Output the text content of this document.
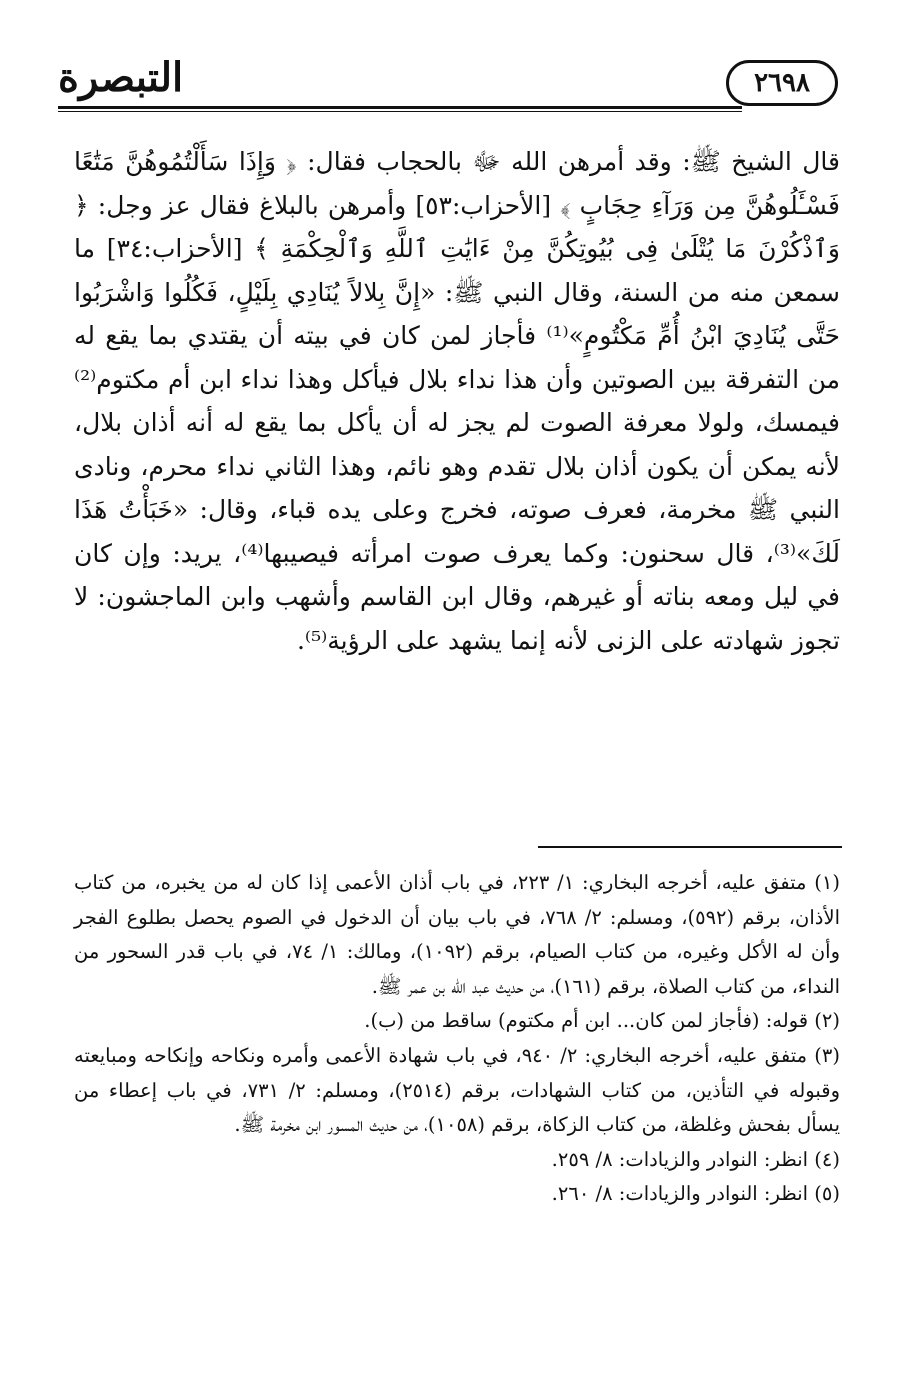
التبصرة	٢٦٩٨

قال الشيخ ﷺ: وقد أمرهن الله ﷻ بالحجاب فقال: ﴿ وَإِذَا سَأَلْتُمُوهُنَّ مَتَٰعًا فَسْـَٔلُوهُنَّ مِن وَرَآءِ حِجَابٍ ﴾ [الأحزاب:٥٣] وأمرهن بالبلاغ فقال عز وجل: ﴿ وَٱذْكُرْنَ مَا يُتْلَىٰ فِى بُيُوتِكُنَّ مِنْ ءَايَٰتِ ٱللَّهِ وَٱلْحِكْمَةِ ﴾ [الأحزاب:٣٤] ما سمعن منه من السنة، وقال النبي ﷺ: «إِنَّ بِلالاً يُنَادِي بِلَيْلٍ، فَكُلُوا وَاشْرَبُوا حَتَّى يُنَادِيَ ابْنُ أُمِّ مَكْتُومٍ»⁽¹⁾ فأجاز لمن كان في بيته أن يقتدي بما يقع له من التفرقة بين الصوتين وأن هذا نداء بلال فيأكل وهذا نداء ابن أم مكتوم⁽²⁾ فيمسك، ولولا معرفة الصوت لم يجز له أن يأكل بما يقع له أنه أذان بلال، لأنه يمكن أن يكون أذان بلال تقدم وهو نائم، وهذا الثاني نداء محرم، ونادى النبي ﷺ مخرمة، فعرف صوته، فخرج وعلى يده قباء، وقال: «خَبَأْتُ هَذَا لَكَ»⁽³⁾، قال سحنون: وكما يعرف صوت امرأته فيصيبها⁽⁴⁾، يريد: وإن كان في ليل ومعه بناته أو غيرهم، وقال ابن القاسم وأشهب وابن الماجشون: لا تجوز شهادته على الزنى لأنه إنما يشهد على الرؤية⁽⁵⁾.

(١) متفق عليه، أخرجه البخاري: ١/ ٢٢٣، في باب أذان الأعمى إذا كان له من يخبره، من كتاب الأذان، برقم (٥٩٢)، ومسلم: ٢/ ٧٦٨، في باب بيان أن الدخول في الصوم يحصل بطلوع الفجر وأن له الأكل وغيره، من كتاب الصيام، برقم (١٠٩٢)، ومالك: ١/ ٧٤، في باب قدر السحور من النداء، من كتاب الصلاة، برقم (١٦١)، من حديث عبد الله بن عمر ﷺ.

(٢) قوله: (فأجاز لمن كان... ابن أم مكتوم) ساقط من (ب).

(٣) متفق عليه، أخرجه البخاري: ٢/ ٩٤٠، في باب شهادة الأعمى وأمره ونكاحه وإنكاحه ومبايعته وقبوله في التأذين، من كتاب الشهادات، برقم (٢٥١٤)، ومسلم: ٢/ ٧٣١، في باب إعطاء من يسأل بفحش وغلظة، من كتاب الزكاة، برقم (١٠٥٨)، من حديث المسور ابن مخرمة ﷺ.

(٤) انظر: النوادر والزيادات: ٨/ ٢٥٩.

(٥) انظر: النوادر والزيادات: ٨/ ٢٦٠.
